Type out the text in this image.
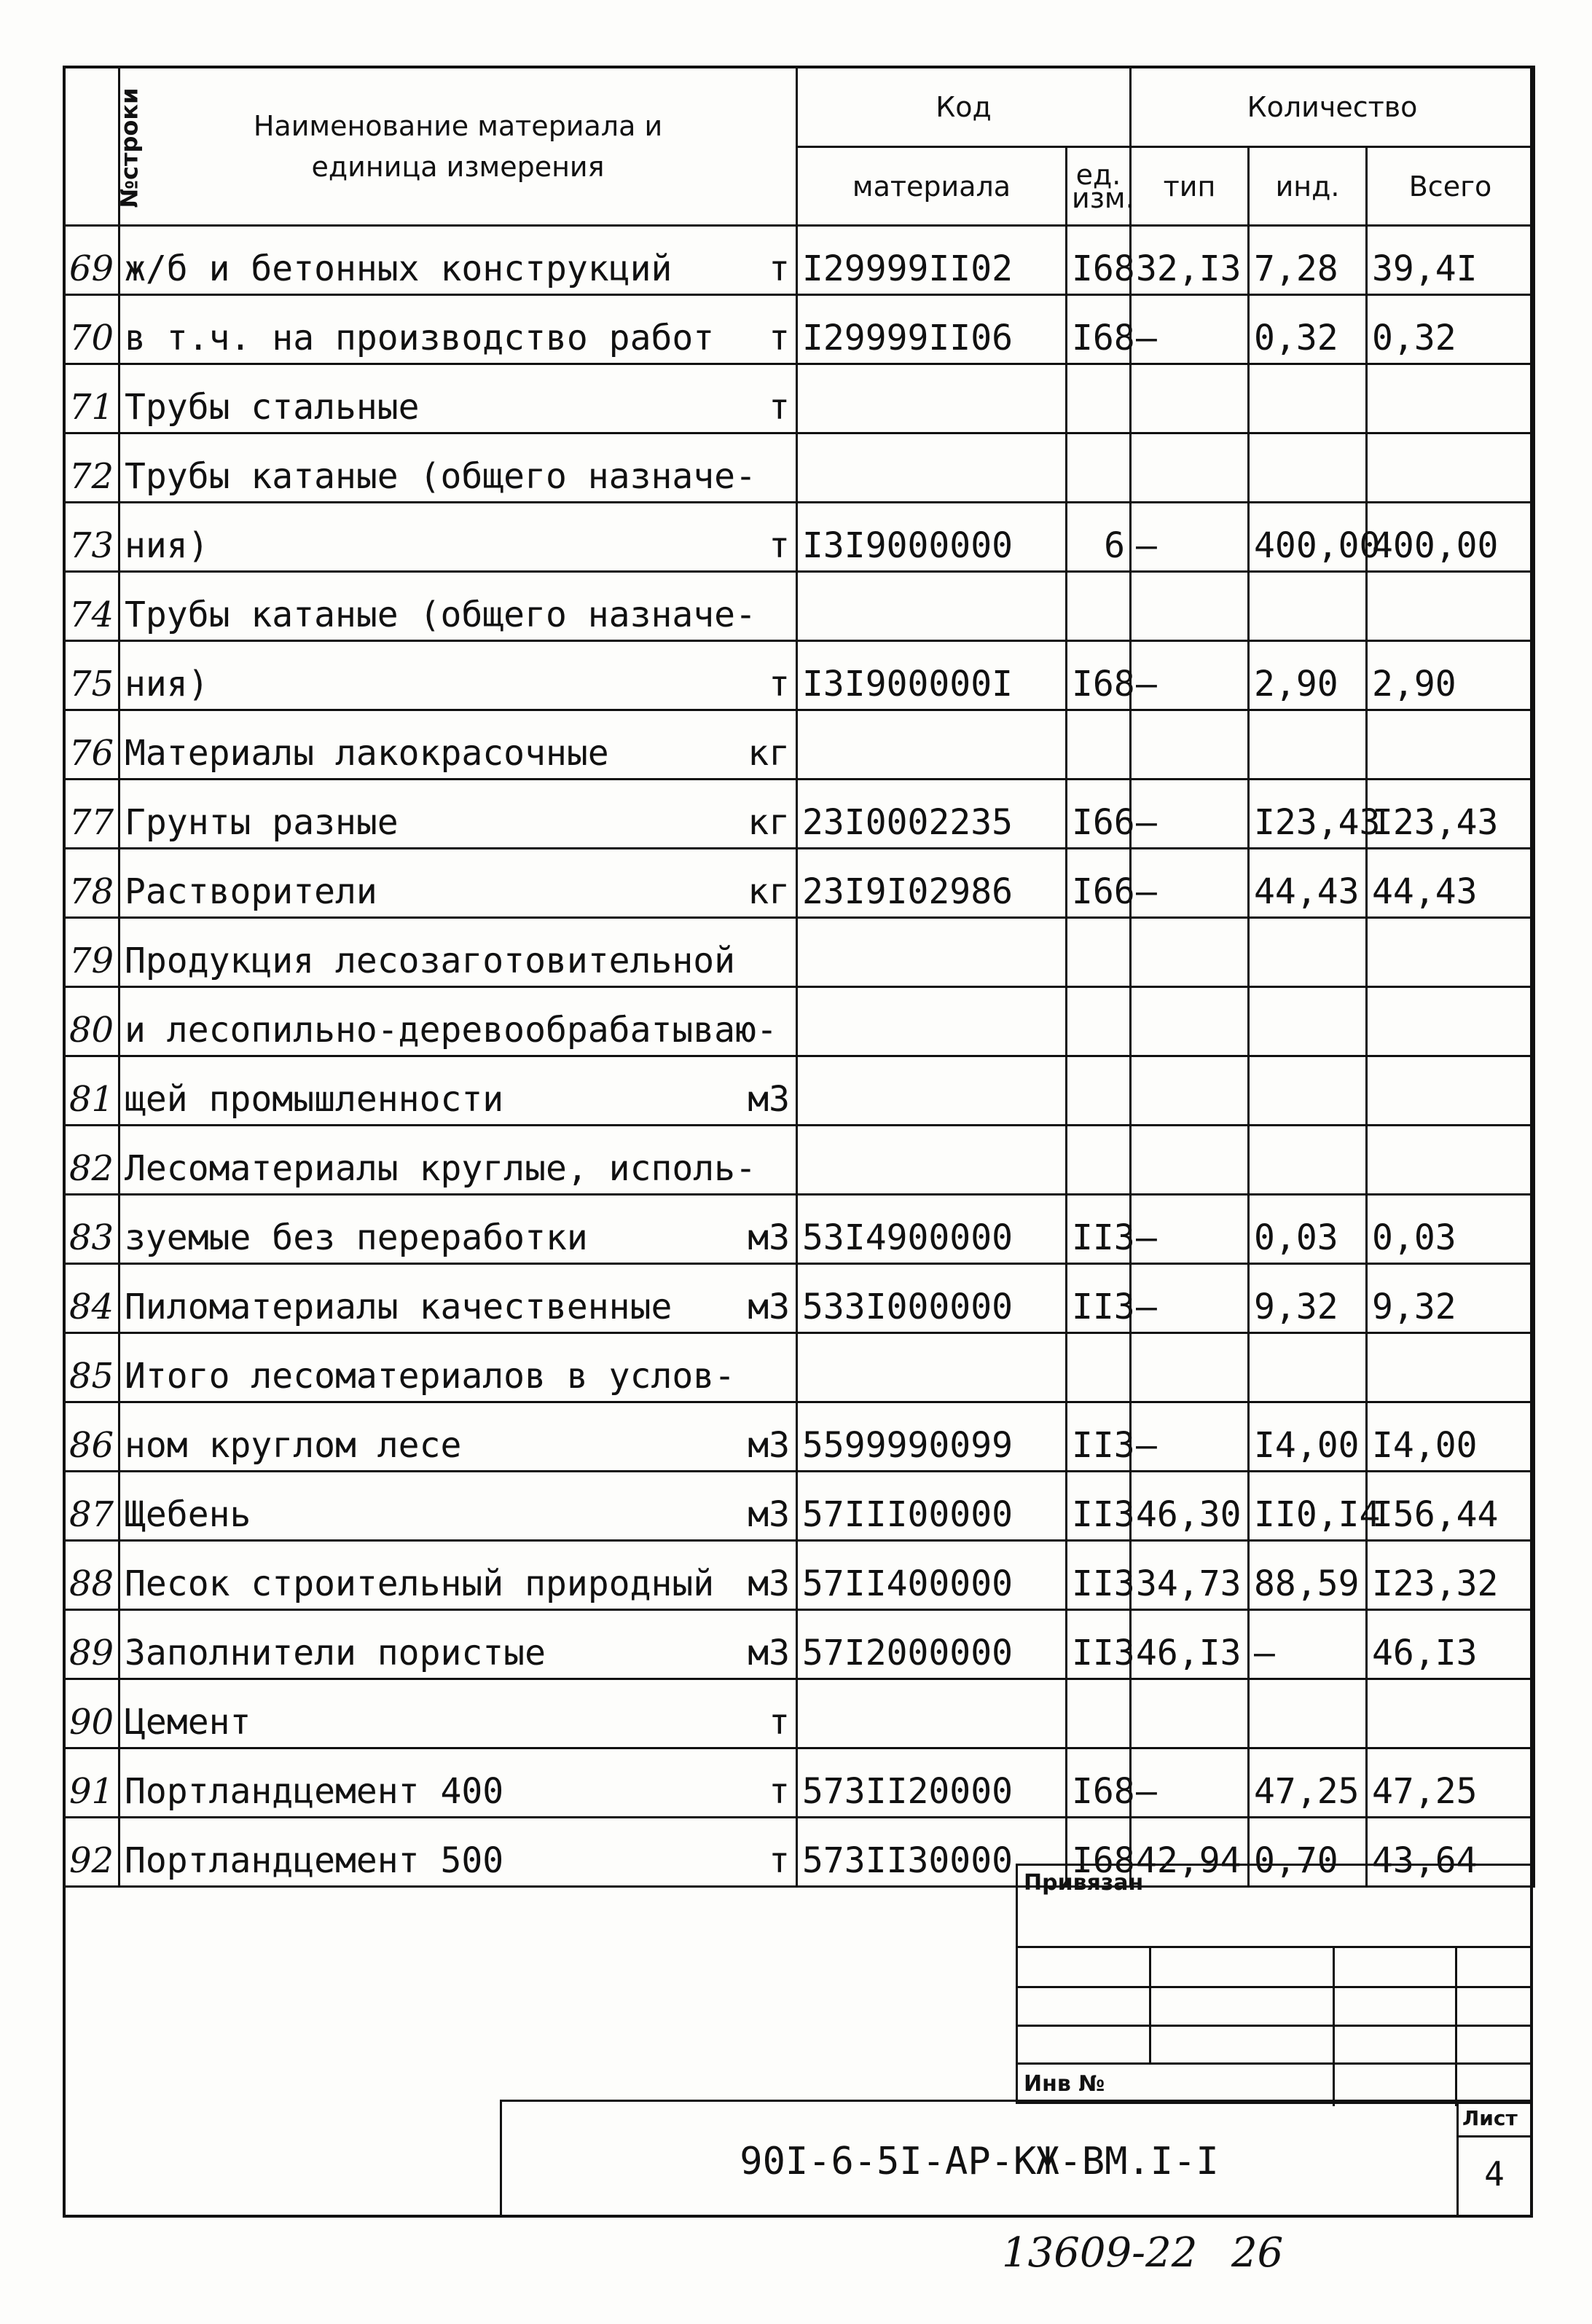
№строки	Наименование материала и единица измерения	Код		Количество		
		материала	ед. изм.	тип	инд.	Всего
69	ж/б и бетонных конструкций т	I29999II02	I68	32,I3	7,28	39,4I
70	в т.ч. на производство работ т	I29999II06	I68	–	0,32	0,32
71	Трубы стальные т					

72	Трубы катаные (общего назначе-

73	ния) т	I3I9000000	6	–	400,00	400,00
74	Трубы катаные (общего назначе-

75	ния) т	I3I900000I	I68	–	2,90	2,90
76	Материалы лакокрасочные кг					

77	Грунты разные кг	23I0002235	I66	–	I23,43	I23,43
78	Растворители кг	23I9I02986	I66	–	44,43	44,43
79	Продукция лесозаготовительной

80	и лесопильно-деревообрабатываю-

81	щей промышленности м3					

82	Лесоматериалы круглые, исполь-

83	зуемые без переработки м3	53I4900000	II3	–	0,03	0,03
84	Пиломатериалы качественные м3	533I000000	II3	–	9,32	9,32
85	Итого лесоматериалов в услов-

86	ном круглом лесе м3	5599990099	II3	–	I4,00	I4,00
87	Щебень м3	57III00000	II3	46,30	II0,I4	I56,44
88	Песок строительный природный м3	57II400000	II3	34,73	88,59	I23,32
89	Заполнители пористые м3	57I2000000	II3	46,I3	–	46,I3
90	Цемент т					

91	Портландцемент 400 т	573II20000	I68	–	47,25	47,25
92	Портландцемент 500 т	573II30000	I68	42,94	0,70	43,64
Привязан
Инв №
90I-6-5I-АР-КЖ-ВМ.I-I
Лист
4
13609-22 26
